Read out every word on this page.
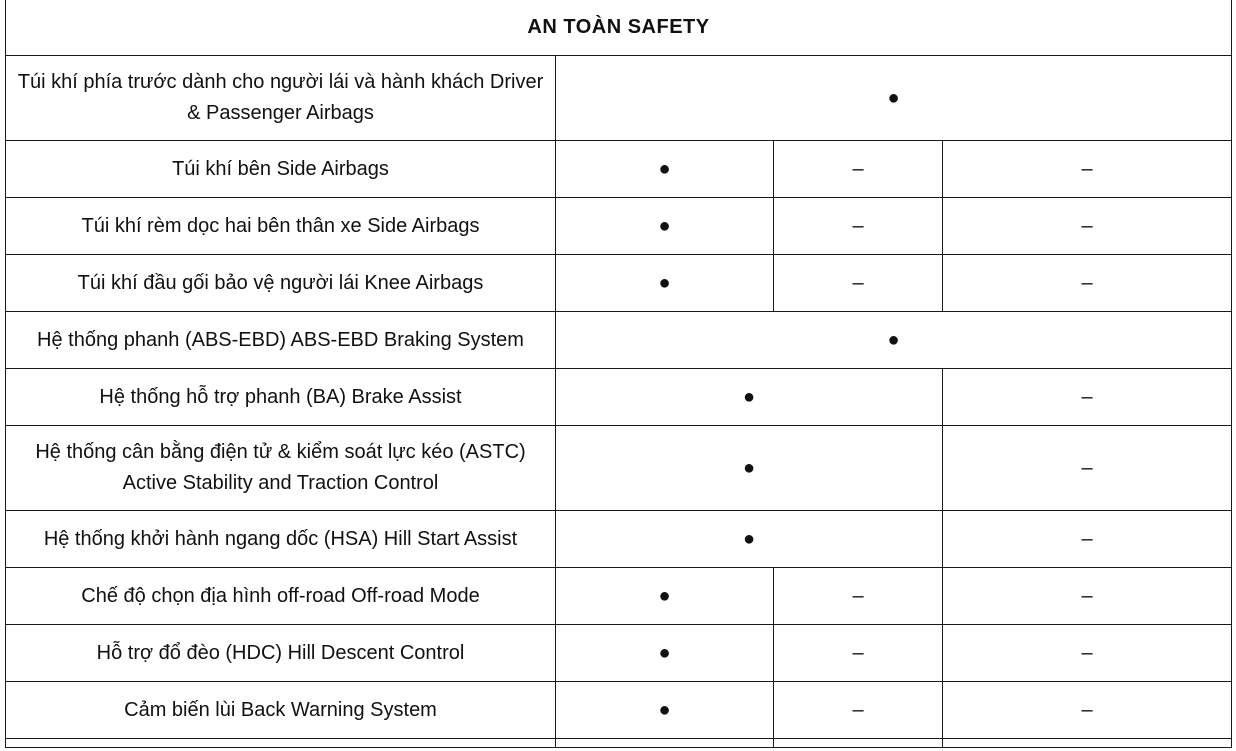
AN TOÀN SAFETY			
Túi khí phía trước dành cho người lái và hành khách Driver & Passenger Airbags	●		
Túi khí bên Side Airbags	●	–	–
Túi khí rèm dọc hai bên thân xe Side Airbags	●	–	–
Túi khí đầu gối bảo vệ người lái Knee Airbags	●	–	–
Hệ thống phanh (ABS-EBD) ABS-EBD Braking System	●		
Hệ thống hỗ trợ phanh (BA) Brake Assist	●		–
Hệ thống cân bằng điện tử & kiểm soát lực kéo (ASTC) Active Stability and Traction Control	●		–
Hệ thống khởi hành ngang dốc (HSA) Hill Start Assist	●		–
Chế độ chọn địa hình off-road Off-road Mode	●	–	–
Hỗ trợ đổ đèo (HDC) Hill Descent Control	●	–	–
Cảm biến lùi Back Warning System	●	–	–
